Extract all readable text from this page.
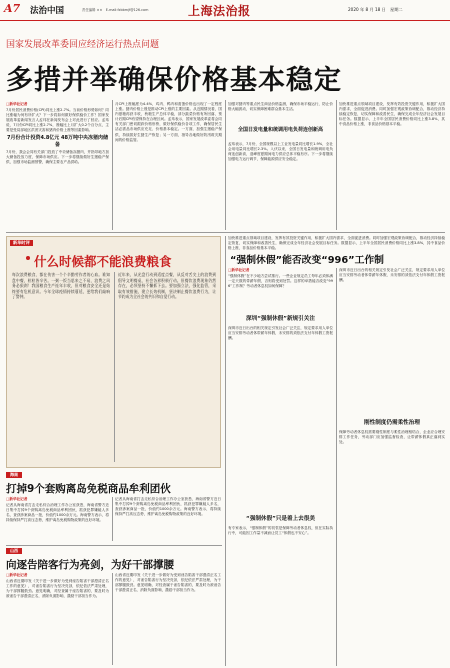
A7 法治中国	责任编辑 ××　E-mail:fzbbmjf@126.com	上海法治报	2020 年 8 月 18 日　星期二
国家发展改革委回应经济运行热点问题
多措并举确保价格基本稳定
□新华社记者
7月份居民消费价格(CPI)同比上涨2.7%。当前价格形势如何？同比涨幅为何有所扩大？下一步将如何做好保供稳价工作？国家发展改革委新闻发言人孟玮在新闻发布会上对此进行了回应。孟玮说，7月份CPI同比上涨2.7%，涨幅比上月扩大0.2个百分点，主要是受局部地区洪涝灾害和猪肉价格上涨等因素影响。
7月份合计投资4.8亿元 48万吨中央冻猪肉储备
7月份，我会会同有关部门投放了中央储备冻猪肉，并指导地方加大储备投放力度，保障市场供应。下一步将继续做好生猪稳产保供，加强市场监测预警，确保主要农产品供给。
月CPI上涨幅度为4.4%，鸡肉、鸭肉和禽蛋价格也出现了一定程度上涨。猪肉价格上涨是推动CPI上涨的主要因素。从近期情况看，国内夏粮再获丰收，秋粮生产总体平稳，部分蔬菜价格有所回落，预计后期CPI有望保持在合理区间。孟玮表示，国家发展改革委将会同有关部门密切跟踪价格形势，做好保供稳价各项工作，确保居民生活必需品市场供应充足、价格基本稳定。一方面，加强生猪稳产保供，持续抓好生猪生产恢复；另一方面，指导各地做好防汛救灾期间的价格监管。
加强对猪肉等重点民生商品价格监测，确保市场平稳运行，防止价格大幅波动，切实保障困难群众基本生活。
全国日发电量和统调用电负荷连创新高
孟玮表示，7月份，全国规模以上工业发电量同比增长1.9%，全社会用电量同比增长2.3%。入伏以来，全国日发电量和统调用电负荷连创新高，迎峰度夏期间电力供应总体平稳有序。下一步将继续加强电力运行调节，保障能源供应安全稳定。
加快推进重点领域项目建设，发挥有效投资关键作用，积极扩大国内需求，全面促进消费。同时加强宏观政策协调配合，推动经济持续稳定恢复，切实保障和改善民生，确保完成全年经济社会发展目标任务。数据显示，上半年全国居民消费价格同比上涨3.8%，其中食品价格上涨，非食品价格基本平稳。
新华时评
什么时候都不能浪费粮食
每次浪费粮食，都在伤害一个个辛勤劳作者的心血。谁知盘中餐，粒粒皆辛苦。一粥一饭当思来之不易，浪费之风务必狠刹！我国粮食生产连年丰收，但对粮食安全还是始终要有危机意识。今年全球疫情持续蔓延，更给我们敲响了警钟。
近年来，从光盘行动到适度点餐，从反对舌尖上的浪费到倡导文明餐桌，社会各界积极行动。但餐饮浪费现象仍然存在，必须坚持不懈抓下去。要加强立法，强化监管，采取有效措施，建立长效机制，坚决制止餐饮浪费行为，让节约成为全社会的共识和自觉行动。
海南
打掉9个套购离岛免税商品牟利团伙
□新华社记者
记者从海南省打击走私综合治理工作办公室获悉，海南省警方近日集中打掉9个套购离岛免税商品牟利团伙，抓获犯罪嫌疑人多名，查获涉案商品一批，价值约1000余万元。海南警方表示，将持续保持严打高压态势，维护离岛免税购物政策的良好环境。
记者从海南省打击走私综合治理工作办公室获悉，海南省警方近日集中打掉9个套购离岛免税商品牟利团伙，抓获犯罪嫌疑人多名，查获涉案商品一批，价值约1000余万元。海南警方表示，将持续保持严打高压态势，维护离岛免税购物政策的良好环境。
山西
向逐告陪客行为亮剑，为好干部撑腰
□新华社记者
山西省近期印发《关于进一步做好为受到诬告陷害干部澄清正名工作的意见》，对诬告陷害行为坚决亮剑，依纪依法严肃处理，为干部撑腰鼓劲。意见明确，对经查属于诬告陷害的，要及时为被诬告干部澄清正名，消除负面影响，激励干部担当作为。
山西省近期印发《关于进一步做好为受到诬告陷害干部澄清正名工作的意见》，对诬告陷害行为坚决亮剑，依纪依法严肃处理，为干部撑腰鼓劲。意见明确，对经查属于诬告陷害的，要及时为被诬告干部澄清正名，消除负面影响，激励干部担当作为。
加快推进重点领域项目建设，发挥有效投资关键作用，积极扩大国内需求，全面促进消费。同时加强宏观政策协调配合，推动经济持续稳定恢复，切实保障和改善民生，确保完成全年经济社会发展目标任务。数据显示，上半年全国居民消费价格同比上涨3.8%，其中食品价格上涨，非食品价格基本平稳。
“强制休假”能否改变“996”工作制
□新华社记者
“强制休假”在不少地方尝试推行。一些企业规定员工每年必须休满一定天数的带薪年假，否则将受到处罚。这样的举措能否改变“996”工作制？劳动者休息权如何保障？
深圳“强制休假”新规引关注
深圳市近日出台的相关规定引发社会广泛关注，规定要求用人单位应当安排劳动者休带薪年休假，未安排的须依法支付年休假工资报酬。
“强制休假”只是着上去很美
有专家表示，“强制休假”的初衷是保障劳动者休息权，但在实际执行中，可能因工作量不减而让员工“休假也不安心”。
深圳市近日出台的相关规定引发社会广泛关注，规定要求用人单位应当安排劳动者休带薪年休假，未安排的须依法支付年休假工资报酬。
刚性制度仍需柔性治理
保障劳动者休息权需要刚性制度与柔性治理相结合，企业应合理安排工作任务，劳动部门应加强监督检查，让带薪休假真正落到实处。
